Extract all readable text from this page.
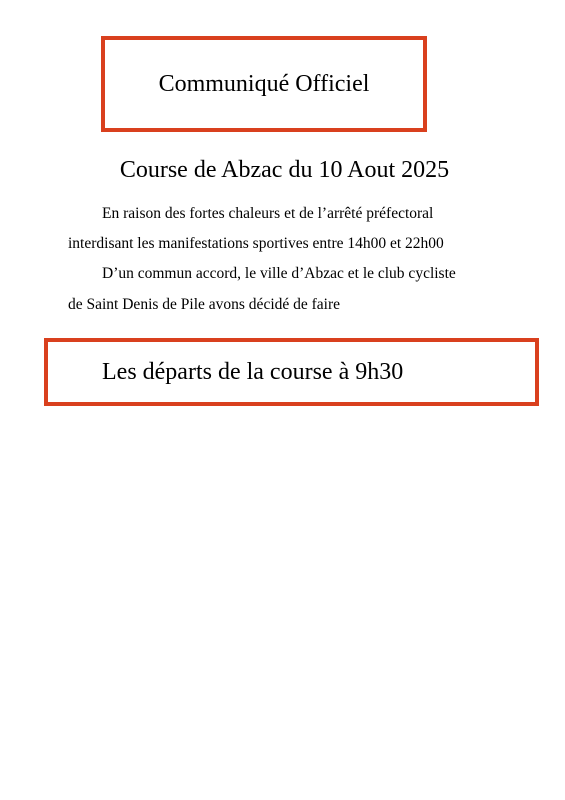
Communiqué Officiel
Course de Abzac du 10 Aout 2025
En raison des fortes chaleurs et de l’arrêté préfectoral
interdisant les manifestations sportives entre 14h00 et 22h00
D’un commun accord, le ville d’Abzac et le club cycliste
de Saint Denis de Pile avons décidé de faire
Les départs de la course à 9h30
